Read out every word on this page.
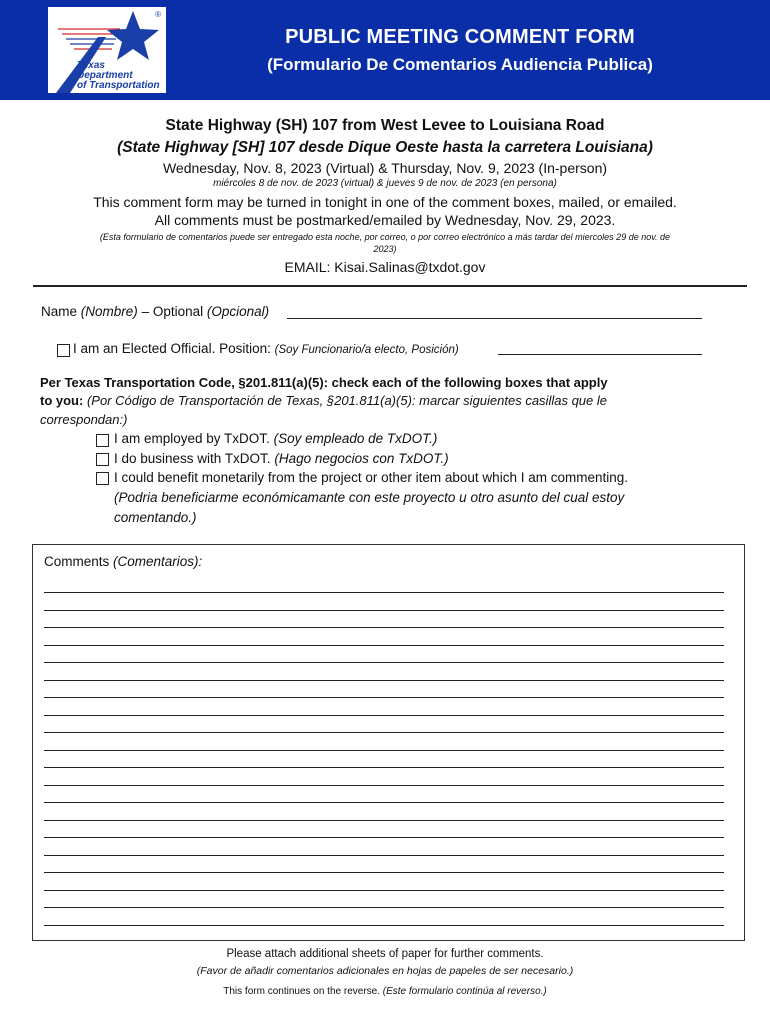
®
Texas
Department
of Transportation
PUBLIC MEETING COMMENT FORM
(Formulario De Comentarios Audiencia Publica)
State Highway (SH) 107 from West Levee to Louisiana Road
(State Highway [SH] 107 desde Dique Oeste hasta la carretera Louisiana)
Wednesday, Nov. 8, 2023 (Virtual) & Thursday, Nov. 9, 2023 (In-person)
miércoles 8 de nov. de 2023 (virtual) & jueves 9 de nov. de 2023 (en persona)
This comment form may be turned in tonight in one of the comment boxes, mailed, or emailed.
All comments must be postmarked/emailed by Wednesday, Nov. 29, 2023.
(Esta formulario de comentarios puede ser entregado esta noche, por correo, o por correo electrónico a más tardar del miercoles 29 de nov. de 2023)
EMAIL: Kisai.Salinas@txdot.gov
Name (Nombre) – Optional (Opcional)
I am an Elected Official. Position: (Soy Funcionario/a electo, Posición)
Per Texas Transportation Code, §201.811(a)(5): check each of the following boxes that apply
to you: (Por Código de Transportación de Texas, §201.811(a)(5): marcar siguientes casillas que le
correspondan:)
I am employed by TxDOT. (Soy empleado de TxDOT.)
I do business with TxDOT. (Hago negocios con TxDOT.)
I could benefit monetarily from the project or other item about which I am commenting.
(Podria beneficiarme económicamante con este proyecto u otro asunto del cual estoy
comentando.)
Comments (Comentarios):
Please attach additional sheets of paper for further comments.
(Favor de añadir comentarios adicionales en hojas de papeles de ser necesario.)
This form continues on the reverse. (Este formulario continúa al reverso.)
